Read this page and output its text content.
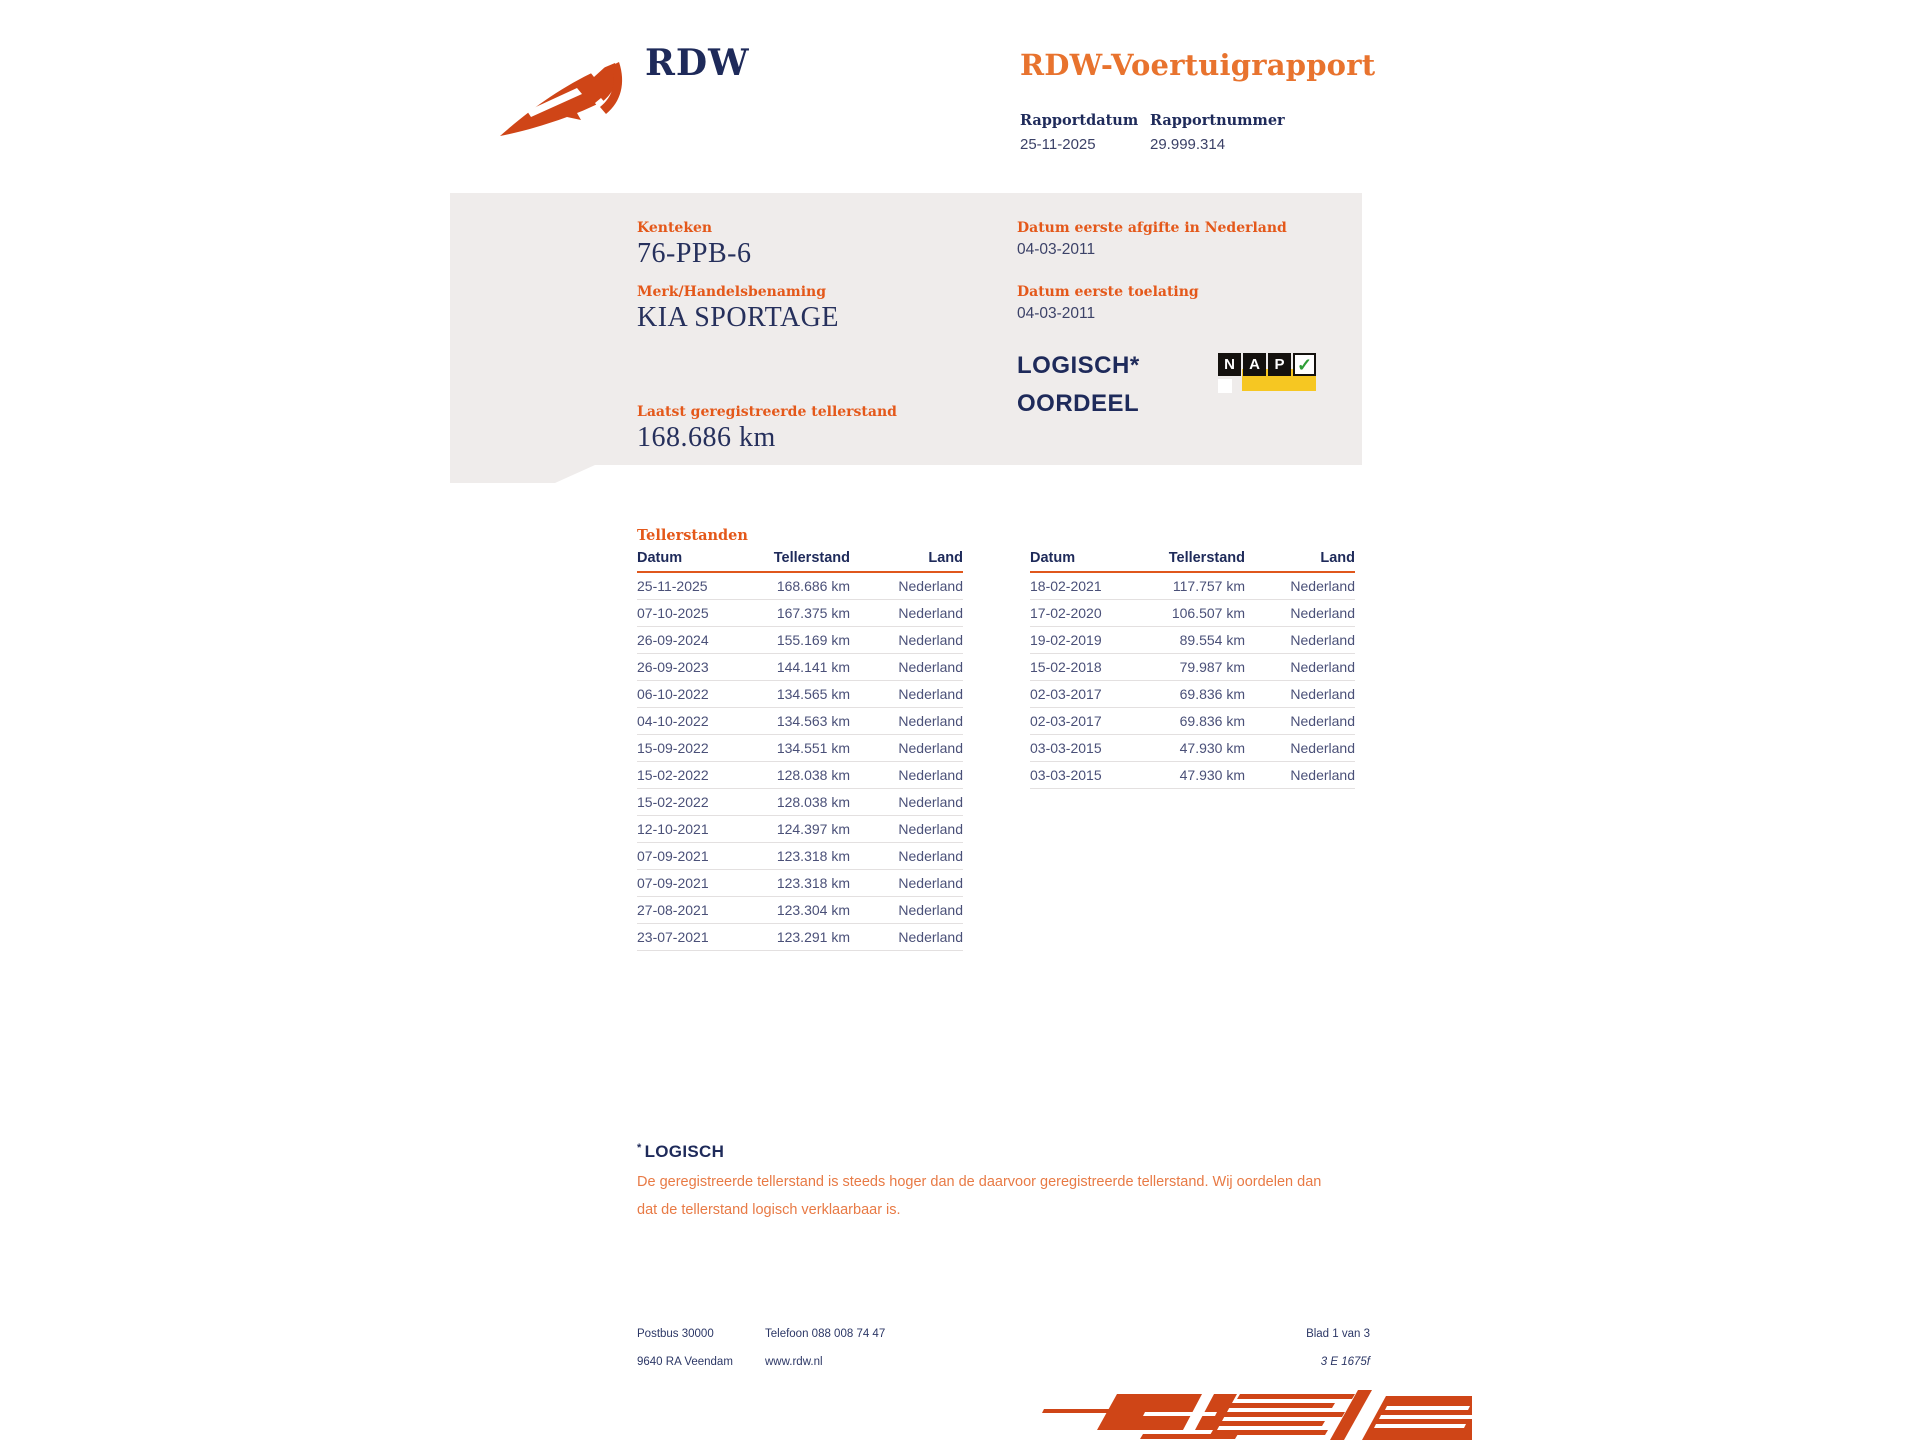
RDW	RDW-Voertuigrapport
Rapportdatum
25-11-2025
Rapportnummer
29.999.314
Kenteken
76-PPB-6
Merk/Handelsbenaming
KIA SPORTAGE
Laatst geregistreerde tellerstand
168.686 km
Datum eerste afgifte in Nederland
04-03-2011
Datum eerste toelating
04-03-2011
LOGISCH*
OORDEEL
N A P ✓
Tellerstanden
Datum	Tellerstand	Land
25-11-2025	168.686 km	Nederland
07-10-2025	167.375 km	Nederland
26-09-2024	155.169 km	Nederland
26-09-2023	144.141 km	Nederland
06-10-2022	134.565 km	Nederland
04-10-2022	134.563 km	Nederland
15-09-2022	134.551 km	Nederland
15-02-2022	128.038 km	Nederland
15-02-2022	128.038 km	Nederland
12-10-2021	124.397 km	Nederland
07-09-2021	123.318 km	Nederland
07-09-2021	123.318 km	Nederland
27-08-2021	123.304 km	Nederland
23-07-2021	123.291 km	Nederland
Datum	Tellerstand	Land
18-02-2021	117.757 km	Nederland
17-02-2020	106.507 km	Nederland
19-02-2019	89.554 km	Nederland
15-02-2018	79.987 km	Nederland
02-03-2017	69.836 km	Nederland
02-03-2017	69.836 km	Nederland
03-03-2015	47.930 km	Nederland
03-03-2015	47.930 km	Nederland
* LOGISCH
De geregistreerde tellerstand is steeds hoger dan de daarvoor geregistreerde tellerstand. Wij oordelen dan
dat de tellerstand logisch verklaarbaar is.
Postbus 30000
9640 RA Veendam
Telefoon 088 008 74 47
www.rdw.nl
Blad 1 van 3
3 E 1675f
